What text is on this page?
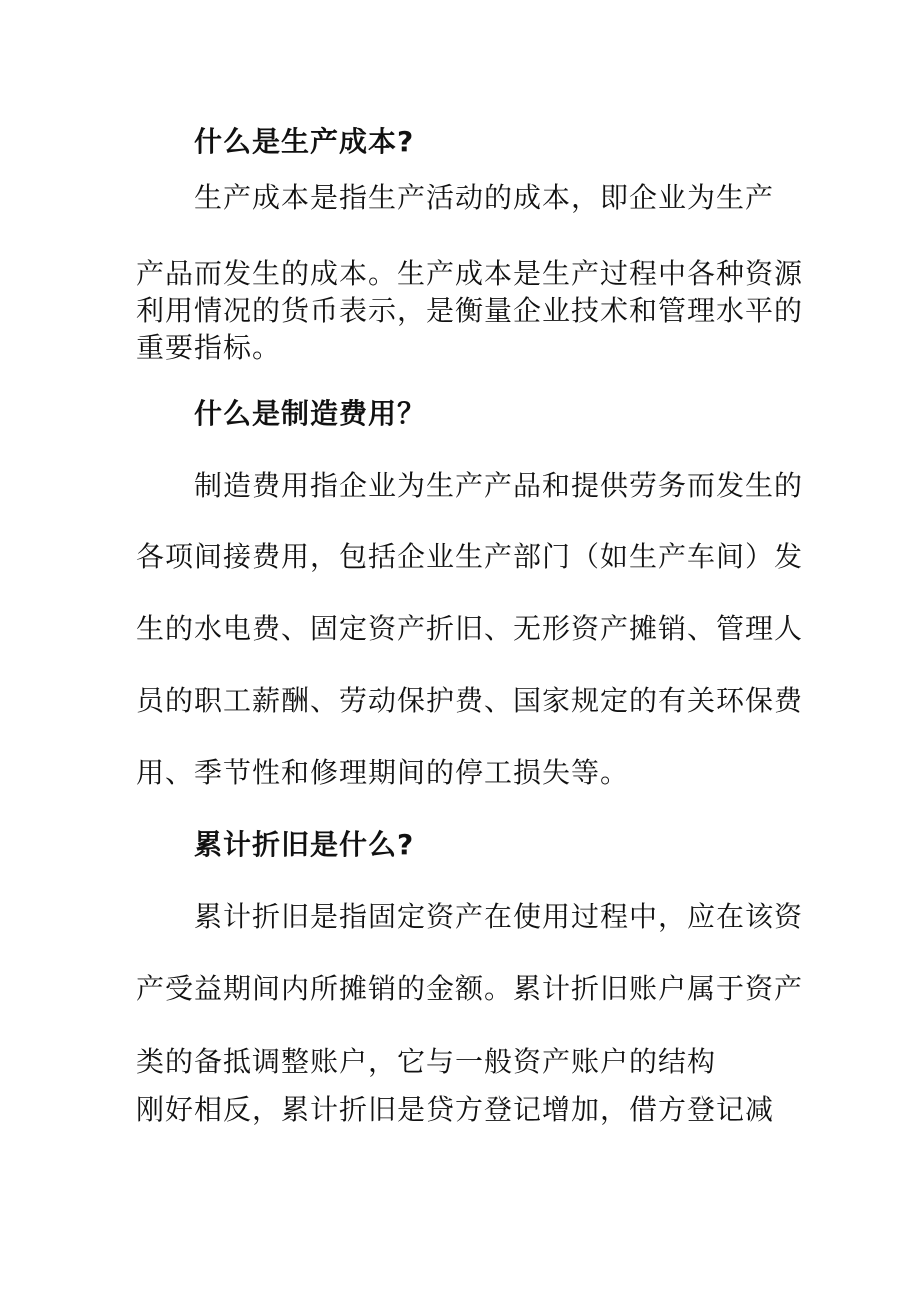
什么是生产成本?
生产成本是指生产活动的成本，即企业为生产
产品而发生的成本。生产成本是生产过程中各种资源
利用情况的货币表示，是衡量企业技术和管理水平的
重要指标。
什么是制造费用？
制造费用指企业为生产产品和提供劳务而发生的
各项间接费用，包括企业生产部门（如生产车间）发
生的水电费、固定资产折旧、无形资产摊销、管理人
员的职工薪酬、劳动保护费、国家规定的有关环保费
用、季节性和修理期间的停工损失等。
累计折旧是什么?
累计折旧是指固定资产在使用过程中，应在该资
产受益期间内所摊销的金额。累计折旧账户属于资产
类的备抵调整账户，它与一般资产账户的结构
刚好相反，累计折旧是贷方登记增加，借方登记减
